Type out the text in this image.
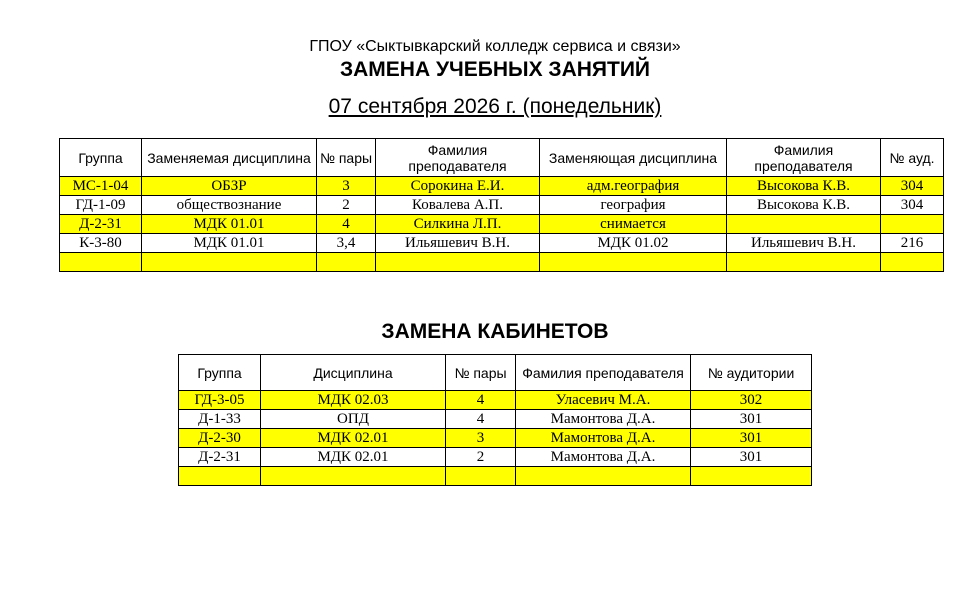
ГПОУ «Сыктывкарский колледж сервиса и связи»
ЗАМЕНА УЧЕБНЫХ ЗАНЯТИЙ
07 сентября 2026 г. (понедельник)
Группа	Заменяемая дисциплина	№ пары	Фамилия преподавателя	Заменяющая дисциплина	Фамилия преподавателя	№ ауд.
МС-1-04	ОБЗР	3	Сорокина Е.И.	адм.география	Высокова К.В.	304
ГД-1-09	обществознание	2	Ковалева А.П.	география	Высокова К.В.	304
Д-2-31	МДК 01.01	4	Силкина Л.П.	снимается		
К-3-80	МДК 01.01	3,4	Ильяшевич В.Н.	МДК 01.02	Ильяшевич В.Н.	216

ЗАМЕНА КАБИНЕТОВ
Группа	Дисциплина	№ пары	Фамилия преподавателя	№ аудитории
ГД-3-05	МДК 02.03	4	Уласевич М.А.	302
Д-1-33	ОПД	4	Мамонтова Д.А.	301
Д-2-30	МДК 02.01	3	Мамонтова Д.А.	301
Д-2-31	МДК 02.01	2	Мамонтова Д.А.	301
